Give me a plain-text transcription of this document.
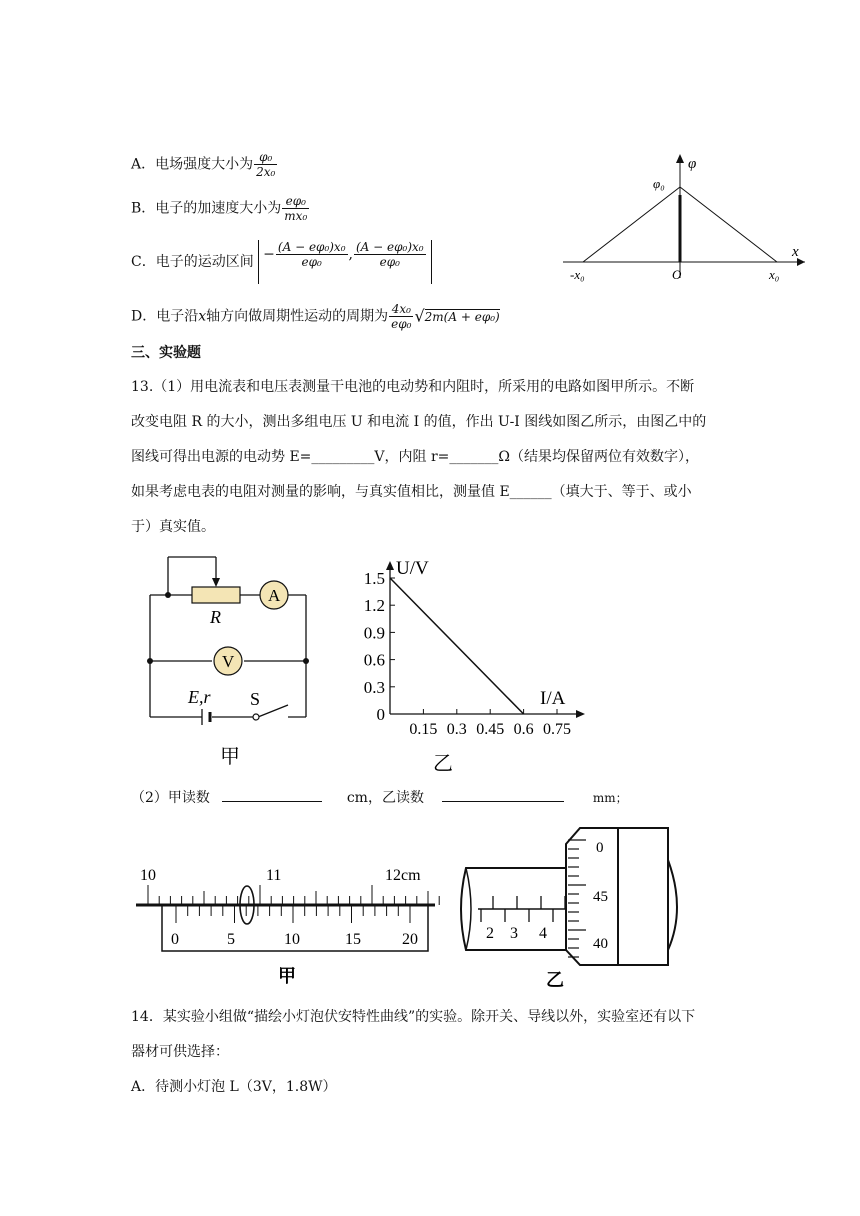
A．电场强度大小为 $\frac{\text{φ₀}}{\text{2x₀}}$
B．电子的加速度大小为 $\frac{\text{eφ₀}}{\text{mx₀}}$
C．电子的运动区间 − $\frac{\text{(A − eφ₀)x₀}}{\text{eφ₀}}$ , $\frac{\text{(A − eφ₀)x₀}}{\text{eφ₀}}$
D．电子沿x轴方向做周期性运动的周期为 $\frac{\text{4x₀}}{\text{eφ₀}} √2m(A + e\varphi_0)$
φ
x
φ₀
O
-x₀	x₀
三、实验题
13.（1）用电流表和电压表测量干电池的电动势和内阻时，所采用的电路如图甲所示。不断
改变电阻 R 的大小，测出多组电压 U 和电流 I 的值，作出 U-I 图线如图乙所示，由图乙中的
图线可得出电源的电动势 E=_________V，内阻 r=_______Ω（结果均保留两位有效数字），
如果考虑电表的电阻对测量的影响，与真实值相比，测量值 E______（填大于、等于、或小
于）真实值。
A
V
R
E,r S
甲
0
0.3
0.6
0.9
1.2
1.5
0.15 0.3 0.45 0.6 0.75
U/V
I/A
乙
（2）甲读数	cm，乙读数	mm；
10	11	12cm
0	5	10	15	20
甲
2 3 4
0
45
40
乙
14．某实验小组做“描绘小灯泡伏安特性曲线”的实验。除开关、导线以外，实验室还有以下
器材可供选择：
A．待测小灯泡 L（3V，1.8W）
